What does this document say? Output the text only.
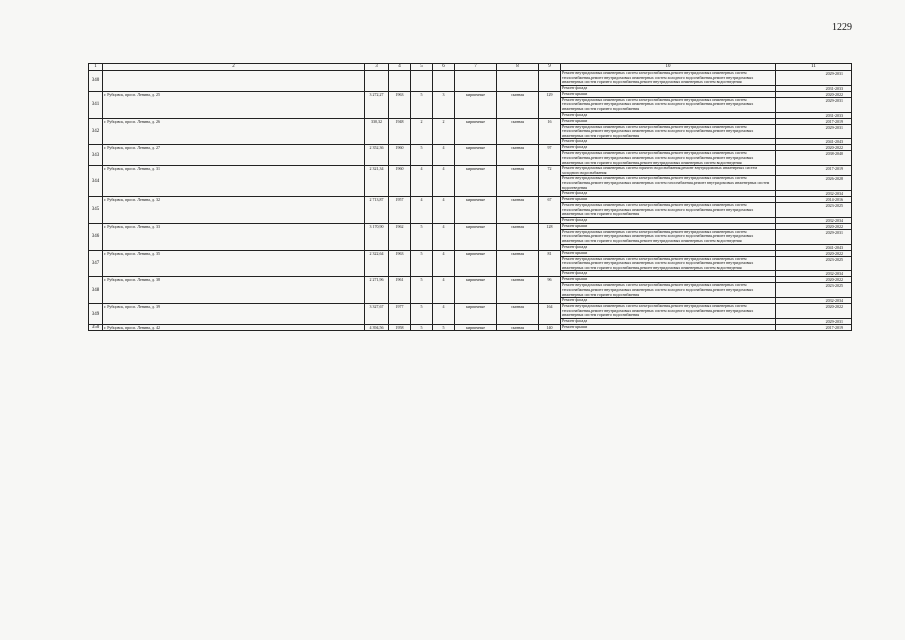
1229
1	2	3	4	5	6	7	8	9	10	11
340									Ремонт внутридомовых инженерных систем электроснабжения,ремонт внутридомовых инженерных систем теплоснабжения,ремонт внутридомовых инженерных систем холодного водоснабжения,ремонт внутридомовых инженерных систем горячего водоснабжения,ремонт внутридомовых инженерных систем водоотведения	2029-2031
									Ремонт фасада	2031-2033
341	г. Рубцовск, просп. Ленина, д. 25	3 272,27	1963	5	3	кирпичные	скатная	129	Ремонт крыши	2020-2022
									Ремонт внутридомовых инженерных систем электроснабжения,ремонт внутридомовых инженерных систем теплоснабжения,ремонт внутридомовых инженерных систем холодного водоснабжения,ремонт внутридомовых инженерных систем горячего водоснабжения	2029-2031
									Ремонт фасада	2031-2033
342	г. Рубцовск, просп. Ленина, д. 26	330,32	1948	2	2	кирпичные	скатная	16	Ремонт крыши	2017-2019
									Ремонт внутридомовых инженерных систем электроснабжения,ремонт внутридомовых инженерных систем теплоснабжения,ремонт внутридомовых инженерных систем холодного водоснабжения,ремонт внутридомовых инженерных систем горячего водоснабжения	2029-2031
									Ремонт фасада	2041-2043
343	г. Рубцовск, просп. Ленина, д. 27	2 352,36	1960	5	4	кирпичные	скатная	97	Ремонт фасада	2020-2022
									Ремонт внутридомовых инженерных систем электроснабжения,ремонт внутридомовых инженерных систем теплоснабжения,ремонт внутридомовых инженерных систем холодного водоснабжения,ремонт внутридомовых инженерных систем горячего водоснабжения,ремонт внутридомовых инженерных систем водоотведения	2038-2040
344	г. Рубцовск, просп. Ленина, д. 31	2 321,34	1960	4	4	кирпичные	скатная	72	Ремонт внутридомовых инженерных систем горячего водоснабжения,ремонт внутридомовых инженерных систем холодного водоснабжения	2017-2019
									Ремонт внутридомовых инженерных систем электроснабжения,ремонт внутридомовых инженерных систем теплоснабжения,ремонт внутридомовых инженерных систем газоснабжения,ремонт внутридомовых инженерных систем водоотведения	2026-2028
									Ремонт фасада	2032-2034
345	г. Рубцовск, просп. Ленина, д. 32	2 713,87	1957	4	4	кирпичные	скатная	67	Ремонт крыши	2014-2016
									Ремонт внутридомовых инженерных систем электроснабжения,ремонт внутридомовых инженерных систем теплоснабжения,ремонт внутридомовых инженерных систем холодного водоснабжения,ремонт внутридомовых инженерных систем горячего водоснабжения	2023-2025
									Ремонт фасада	2032-2034
346	г. Рубцовск, просп. Ленина, д. 33	3 170,90	1962	5	4	кирпичные	скатная	128	Ремонт крыши	2020-2022
									Ремонт внутридомовых инженерных систем электроснабжения,ремонт внутридомовых инженерных систем теплоснабжения,ремонт внутридомовых инженерных систем холодного водоснабжения,ремонт внутридомовых инженерных систем горячего водоснабжения,ремонт внутридомовых инженерных систем водоотведения	2029-2031
									Ремонт фасада	2041-2043
347	г. Рубцовск, просп. Ленина, д. 35	2 322,64	1963	5	4	кирпичные	скатная	81	Ремонт крыши	2020-2022
									Ремонт внутридомовых инженерных систем электроснабжения,ремонт внутридомовых инженерных систем теплоснабжения,ремонт внутридомовых инженерных систем холодного водоснабжения,ремонт внутридомовых инженерных систем горячего водоснабжения,ремонт внутридомовых инженерных систем водоотведения	2023-2025
									Ремонт фасада	2032-2034
348	г. Рубцовск, просп. Ленина, д. 38	2 271,96	1961	5	4	кирпичные	скатная	96	Ремонт крыши	2020-2022
									Ремонт внутридомовых инженерных систем электроснабжения,ремонт внутридомовых инженерных систем теплоснабжения,ремонт внутридомовых инженерных систем холодного водоснабжения,ремонт внутридомовых инженерных систем горячего водоснабжения	2023-2025
									Ремонт фасада	2032-2034
349	г. Рубцовск, просп. Ленина, д. 39	3 327,67	1977	5	4	кирпичные	скатная	164	Ремонт внутридомовых инженерных систем электроснабжения,ремонт внутридомовых инженерных систем теплоснабжения,ремонт внутридомовых инженерных систем холодного водоснабжения,ремонт внутридомовых инженерных систем горячего водоснабжения	2020-2022
									Ремонт фасада	2029-2031
350	г. Рубцовск, просп. Ленина, д. 42	4 394,56	1958	5	5	кирпичные	скатная	140	Ремонт крыши	2017-2019
